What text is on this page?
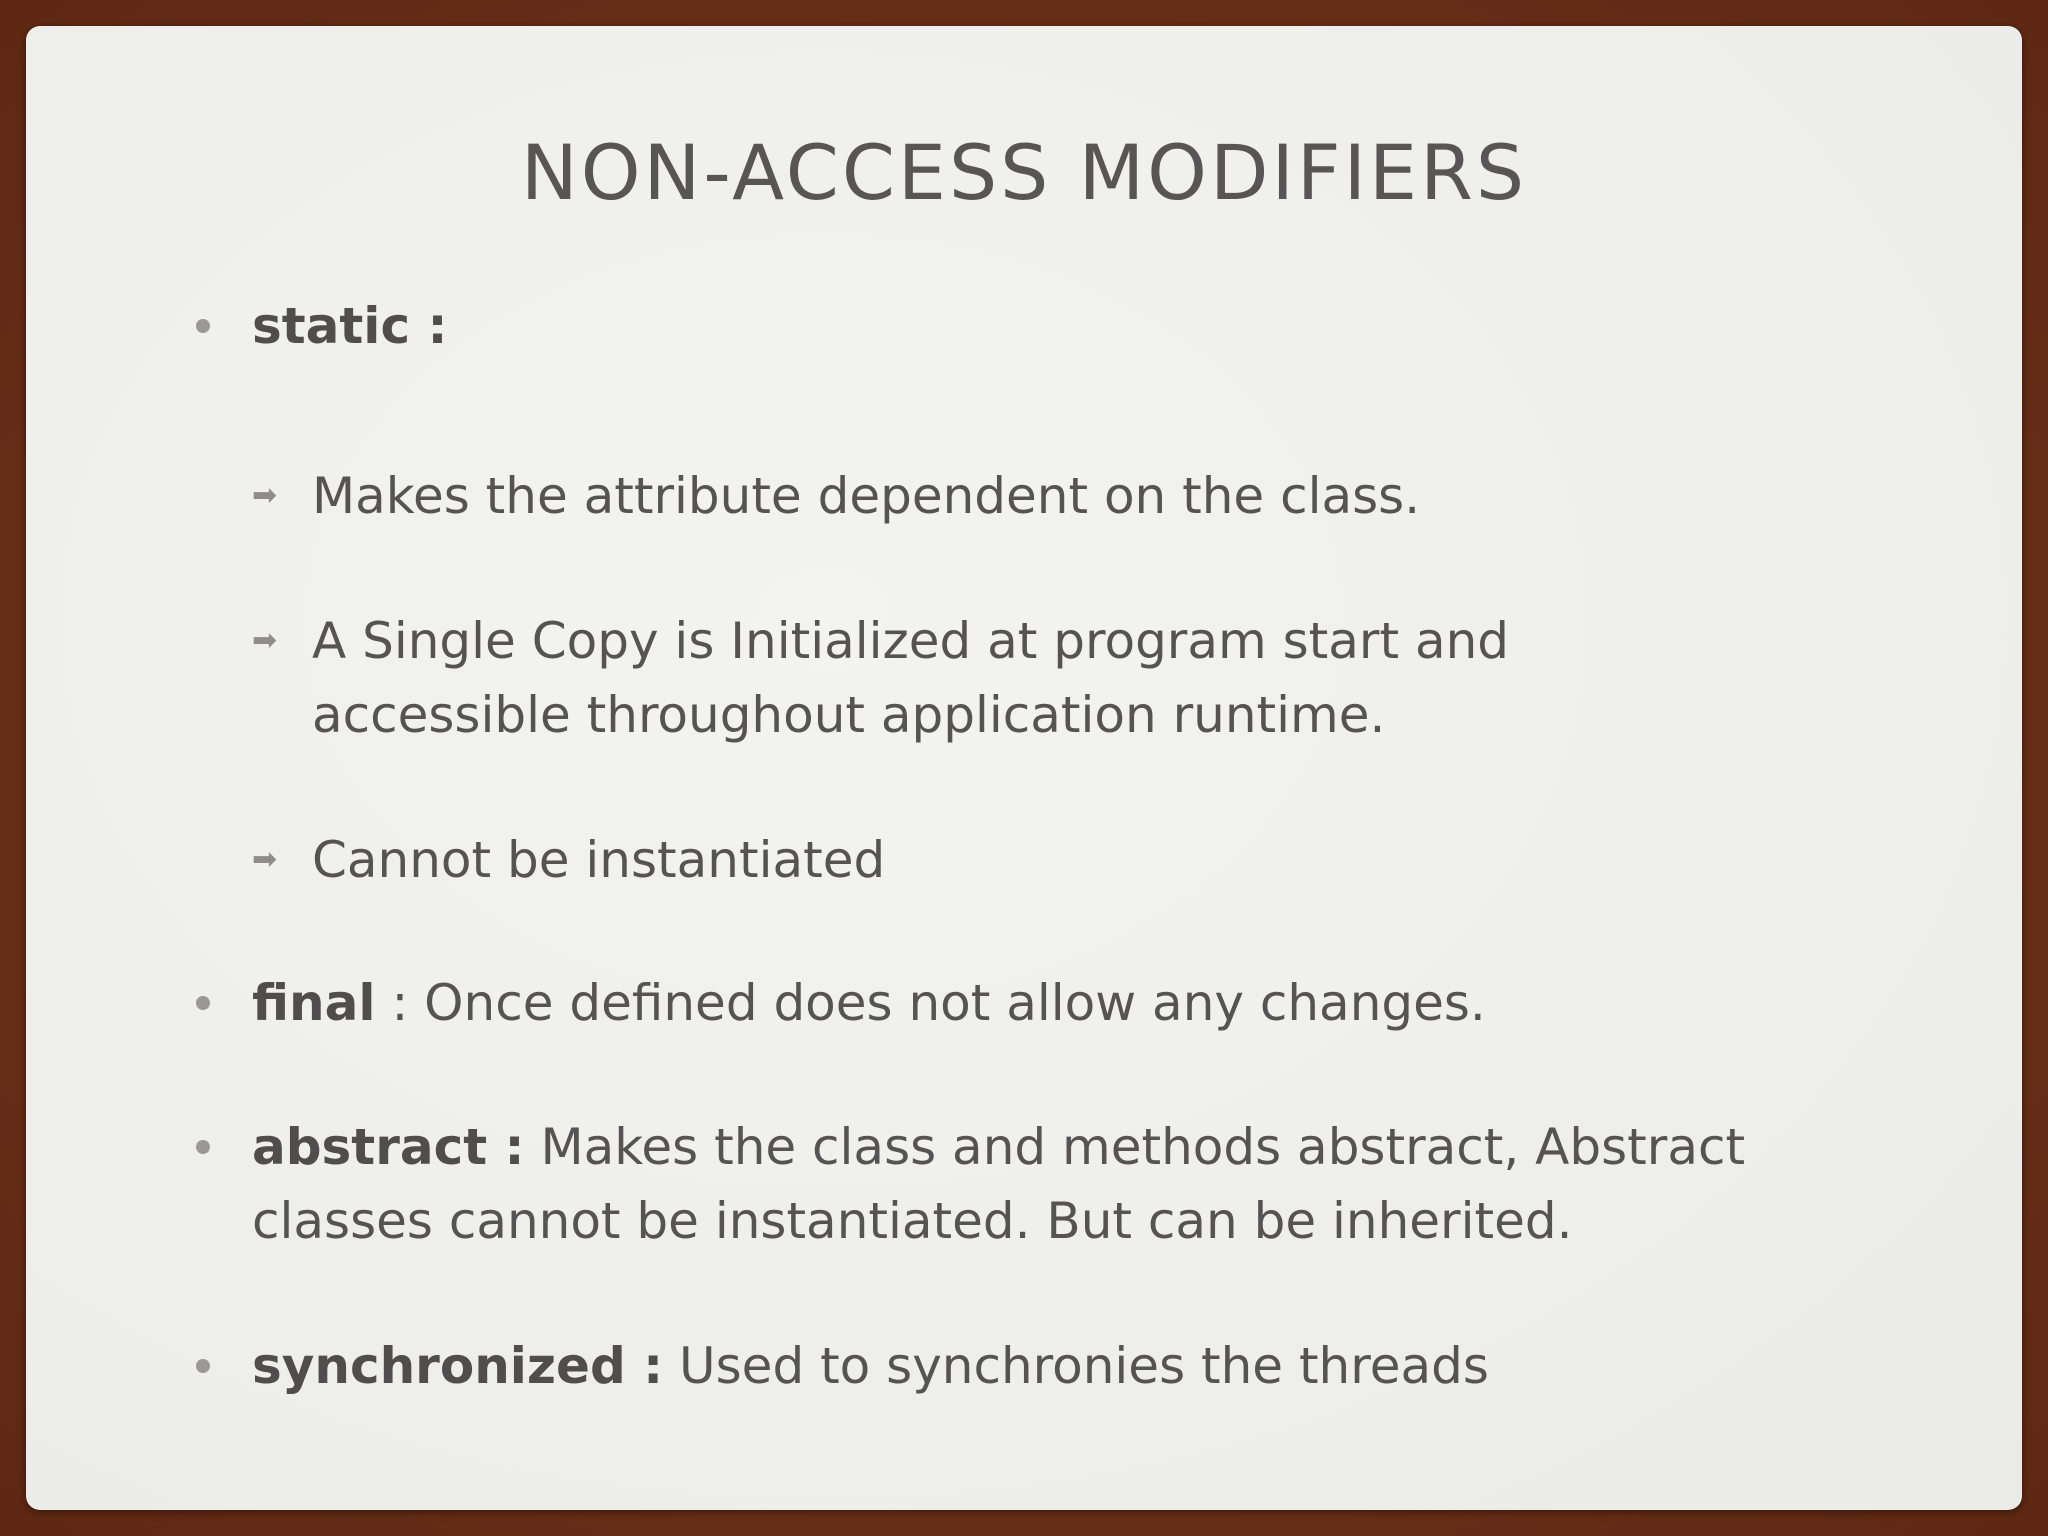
NON-ACCESS MODIFIERS
static :
➡ Makes the attribute dependent on the class.
➡ A Single Copy is Initialized at program start and
accessible throughout application runtime.
➡ Cannot be instantiated
final : Once defined does not allow any changes.
abstract : Makes the class and methods abstract, Abstract
classes cannot be instantiated. But can be inherited.
synchronized : Used to synchronies the threads
